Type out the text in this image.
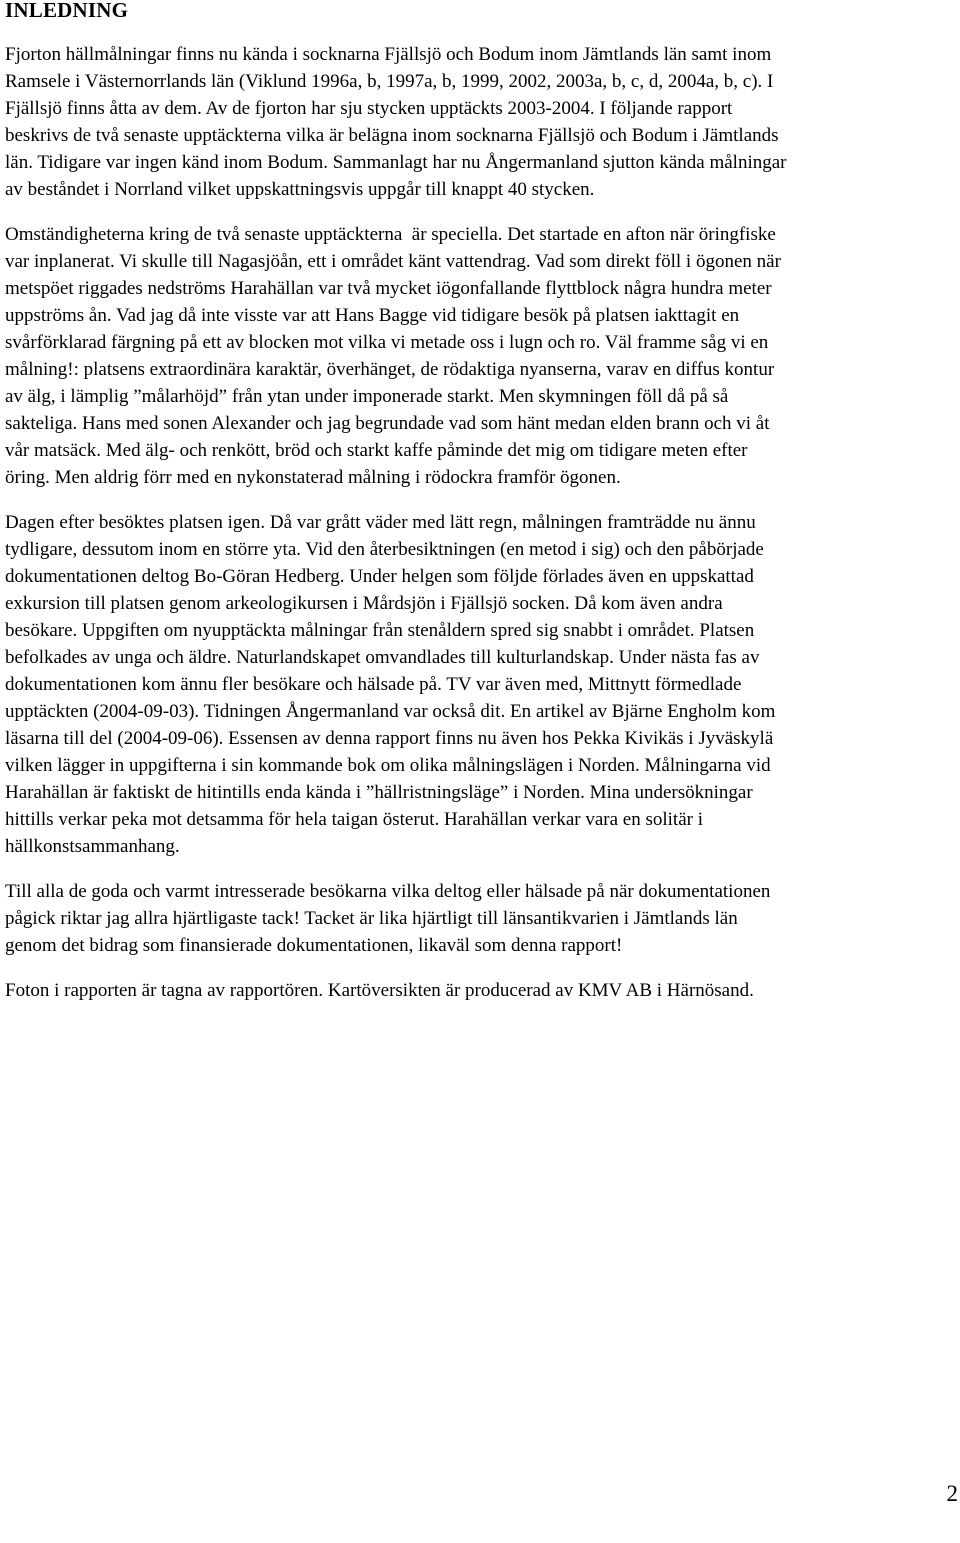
INLEDNING

Fjorton hällmålningar finns nu kända i socknarna Fjällsjö och Bodum inom Jämtlands län samt inom
Ramsele i Västernorrlands län (Viklund 1996a, b, 1997a, b, 1999, 2002, 2003a, b, c, d, 2004a, b, c). I
Fjällsjö finns åtta av dem. Av de fjorton har sju stycken upptäckts 2003-2004. I följande rapport
beskrivs de två senaste upptäckterna vilka är belägna inom socknarna Fjällsjö och Bodum i Jämtlands
län. Tidigare var ingen känd inom Bodum. Sammanlagt har nu Ångermanland sjutton kända målningar
av beståndet i Norrland vilket uppskattningsvis uppgår till knappt 40 stycken.

Omständigheterna kring de två senaste upptäckterna  är speciella. Det startade en afton när öringfiske
var inplanerat. Vi skulle till Nagasjöån, ett i området känt vattendrag. Vad som direkt föll i ögonen när
metspöet riggades nedströms Harahällan var två mycket iögonfallande flyttblock några hundra meter
uppströms ån. Vad jag då inte visste var att Hans Bagge vid tidigare besök på platsen iakttagit en
svårförklarad färgning på ett av blocken mot vilka vi metade oss i lugn och ro. Väl framme såg vi en
målning!: platsens extraordinära karaktär, överhänget, de rödaktiga nyanserna, varav en diffus kontur
av älg, i lämplig ”målarhöjd” från ytan under imponerade starkt. Men skymningen föll då på så
sakteliga. Hans med sonen Alexander och jag begrundade vad som hänt medan elden brann och vi åt
vår matsäck. Med älg- och renkött, bröd och starkt kaffe påminde det mig om tidigare meten efter
öring. Men aldrig förr med en nykonstaterad målning i rödockra framför ögonen.

Dagen efter besöktes platsen igen. Då var grått väder med lätt regn, målningen framträdde nu ännu
tydligare, dessutom inom en större yta. Vid den återbesiktningen (en metod i sig) och den påbörjade
dokumentationen deltog Bo-Göran Hedberg. Under helgen som följde förlades även en uppskattad
exkursion till platsen genom arkeologikursen i Mårdsjön i Fjällsjö socken. Då kom även andra
besökare. Uppgiften om nyupptäckta målningar från stenåldern spred sig snabbt i området. Platsen
befolkades av unga och äldre. Naturlandskapet omvandlades till kulturlandskap. Under nästa fas av
dokumentationen kom ännu fler besökare och hälsade på. TV var även med, Mittnytt förmedlade
upptäckten (2004-09-03). Tidningen Ångermanland var också dit. En artikel av Bjärne Engholm kom
läsarna till del (2004-09-06). Essensen av denna rapport finns nu även hos Pekka Kivikäs i Jyväskylä
vilken lägger in uppgifterna i sin kommande bok om olika målningslägen i Norden. Målningarna vid
Harahällan är faktiskt de hitintills enda kända i ”hällristningsläge” i Norden. Mina undersökningar
hittills verkar peka mot detsamma för hela taigan österut. Harahällan verkar vara en solitär i
hällkonstsammanhang.

Till alla de goda och varmt intresserade besökarna vilka deltog eller hälsade på när dokumentationen
pågick riktar jag allra hjärtligaste tack! Tacket är lika hjärtligt till länsantikvarien i Jämtlands län
genom det bidrag som finansierade dokumentationen, likaväl som denna rapport!

Foton i rapporten är tagna av rapportören. Kartöversikten är producerad av KMV AB i Härnösand.

2
